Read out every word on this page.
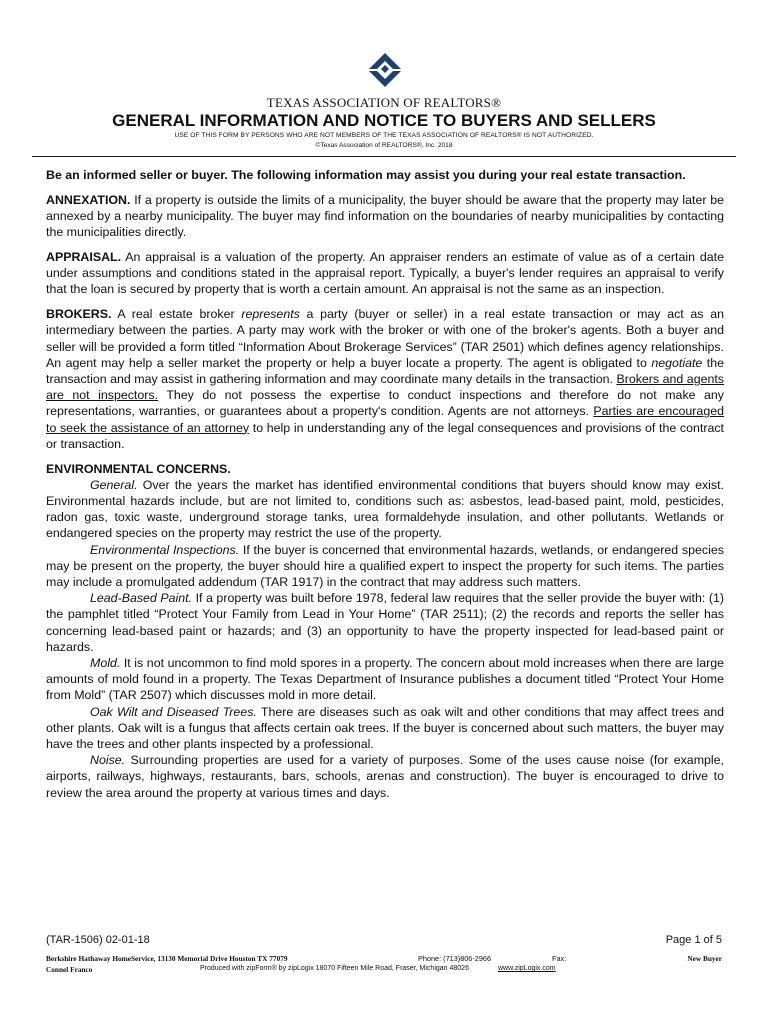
TEXAS ASSOCIATION OF REALTORS®
GENERAL INFORMATION AND NOTICE TO BUYERS AND SELLERS
USE OF THIS FORM BY PERSONS WHO ARE NOT MEMBERS OF THE TEXAS ASSOCIATION OF REALTORS® IS NOT AUTHORIZED.
©Texas Association of REALTORS®, Inc. 2018

Be an informed seller or buyer. The following information may assist you during your real estate transaction.

ANNEXATION. If a property is outside the limits of a municipality, the buyer should be aware that the property may later be annexed by a nearby municipality. The buyer may find information on the boundaries of nearby municipalities by contacting the municipalities directly.

APPRAISAL. An appraisal is a valuation of the property. An appraiser renders an estimate of value as of a certain date under assumptions and conditions stated in the appraisal report. Typically, a buyer's lender requires an appraisal to verify that the loan is secured by property that is worth a certain amount. An appraisal is not the same as an inspection.

BROKERS. A real estate broker represents a party (buyer or seller) in a real estate transaction or may act as an intermediary between the parties. A party may work with the broker or with one of the broker's agents. Both a buyer and seller will be provided a form titled “Information About Brokerage Services” (TAR 2501) which defines agency relationships. An agent may help a seller market the property or help a buyer locate a property. The agent is obligated to negotiate the transaction and may assist in gathering information and may coordinate many details in the transaction. Brokers and agents are not inspectors. They do not possess the expertise to conduct inspections and therefore do not make any representations, warranties, or guarantees about a property's condition. Agents are not attorneys. Parties are encouraged to seek the assistance of an attorney to help in understanding any of the legal consequences and provisions of the contract or transaction.

ENVIRONMENTAL CONCERNS.

General. Over the years the market has identified environmental conditions that buyers should know may exist. Environmental hazards include, but are not limited to, conditions such as: asbestos, lead-based paint, mold, pesticides, radon gas, toxic waste, underground storage tanks, urea formaldehyde insulation, and other pollutants. Wetlands or endangered species on the property may restrict the use of the property.

Environmental Inspections. If the buyer is concerned that environmental hazards, wetlands, or endangered species may be present on the property, the buyer should hire a qualified expert to inspect the property for such items. The parties may include a promulgated addendum (TAR 1917) in the contract that may address such matters.

Lead-Based Paint. If a property was built before 1978, federal law requires that the seller provide the buyer with: (1) the pamphlet titled “Protect Your Family from Lead in Your Home” (TAR 2511); (2) the records and reports the seller has concerning lead-based paint or hazards; and (3) an opportunity to have the property inspected for lead-based paint or hazards.

Mold. It is not uncommon to find mold spores in a property. The concern about mold increases when there are large amounts of mold found in a property. The Texas Department of Insurance publishes a document titled “Protect Your Home from Mold” (TAR 2507) which discusses mold in more detail.

Oak Wilt and Diseased Trees. There are diseases such as oak wilt and other conditions that may affect trees and other plants. Oak wilt is a fungus that affects certain oak trees. If the buyer is concerned about such matters, the buyer may have the trees and other plants inspected by a professional.

Noise. Surrounding properties are used for a variety of purposes. Some of the uses cause noise (for example, airports, railways, highways, restaurants, bars, schools, arenas and construction). The buyer is encouraged to drive to review the area around the property at various times and days.

(TAR-1506) 02-01-18	Page 1 of 5
Berkshire Hathaway HomeService, 13130 Memorial Drive Houston TX 77079	Phone: (713)806-2966	Fax:	New Buyer
Connel Franco	Produced with zipForm® by zipLogix 18070 Fifteen Mile Road, Fraser, Michigan 48026	www.zipLogix.com
